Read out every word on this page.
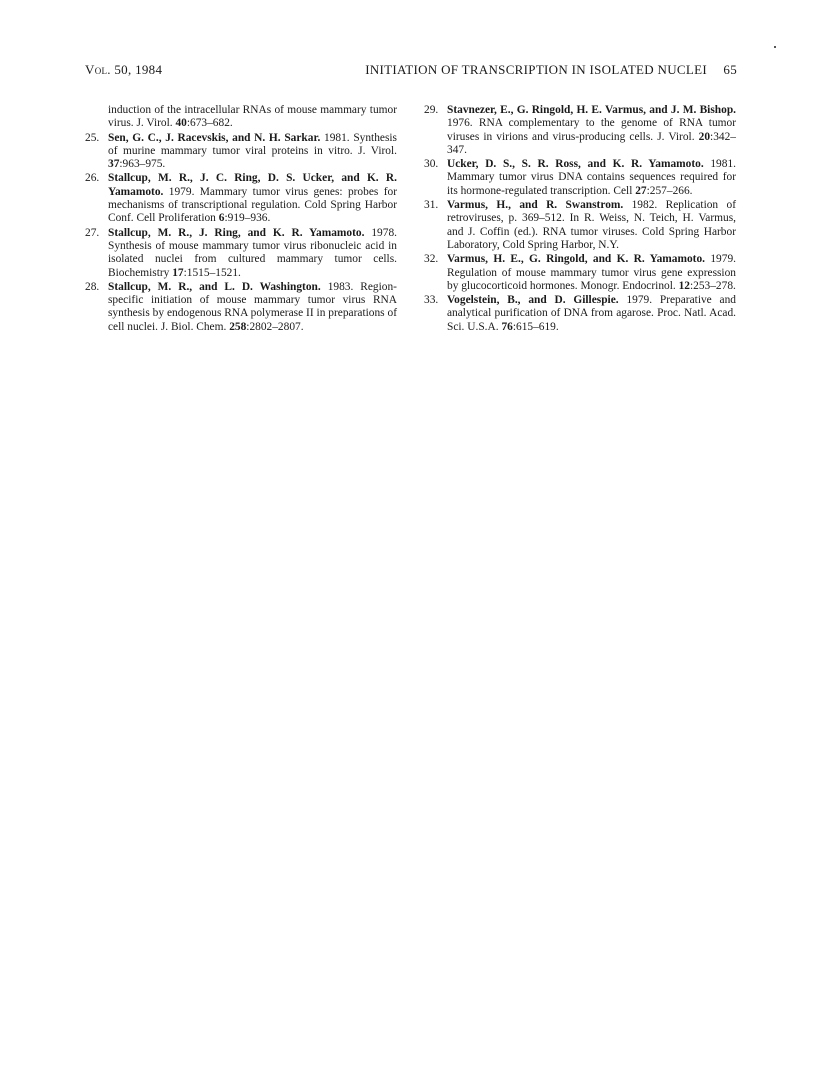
Vol. 50, 1984	INITIATION OF TRANSCRIPTION IN ISOLATED NUCLEI 65
induction of the intracellular RNAs of mouse mammary tumor virus. J. Virol. 40:673–682.
25. Sen, G. C., J. Racevskis, and N. H. Sarkar. 1981. Synthesis of murine mammary tumor viral proteins in vitro. J. Virol. 37:963–975.
26. Stallcup, M. R., J. C. Ring, D. S. Ucker, and K. R. Yamamoto. 1979. Mammary tumor virus genes: probes for mechanisms of transcriptional regulation. Cold Spring Harbor Conf. Cell Proliferation 6:919–936.
27. Stallcup, M. R., J. Ring, and K. R. Yamamoto. 1978. Synthesis of mouse mammary tumor virus ribonucleic acid in isolated nuclei from cultured mammary tumor cells. Biochemistry 17:1515–1521.
28. Stallcup, M. R., and L. D. Washington. 1983. Region-specific initiation of mouse mammary tumor virus RNA synthesis by endogenous RNA polymerase II in preparations of cell nuclei. J. Biol. Chem. 258:2802–2807.
29. Stavnezer, E., G. Ringold, H. E. Varmus, and J. M. Bishop. 1976. RNA complementary to the genome of RNA tumor viruses in virions and virus-producing cells. J. Virol. 20:342–347.
30. Ucker, D. S., S. R. Ross, and K. R. Yamamoto. 1981. Mammary tumor virus DNA contains sequences required for its hormone-regulated transcription. Cell 27:257–266.
31. Varmus, H., and R. Swanstrom. 1982. Replication of retroviruses, p. 369–512. In R. Weiss, N. Teich, H. Varmus, and J. Coffin (ed.). RNA tumor viruses. Cold Spring Harbor Laboratory, Cold Spring Harbor, N.Y.
32. Varmus, H. E., G. Ringold, and K. R. Yamamoto. 1979. Regulation of mouse mammary tumor virus gene expression by glucocorticoid hormones. Monogr. Endocrinol. 12:253–278.
33. Vogelstein, B., and D. Gillespie. 1979. Preparative and analytical purification of DNA from agarose. Proc. Natl. Acad. Sci. U.S.A. 76:615–619.
